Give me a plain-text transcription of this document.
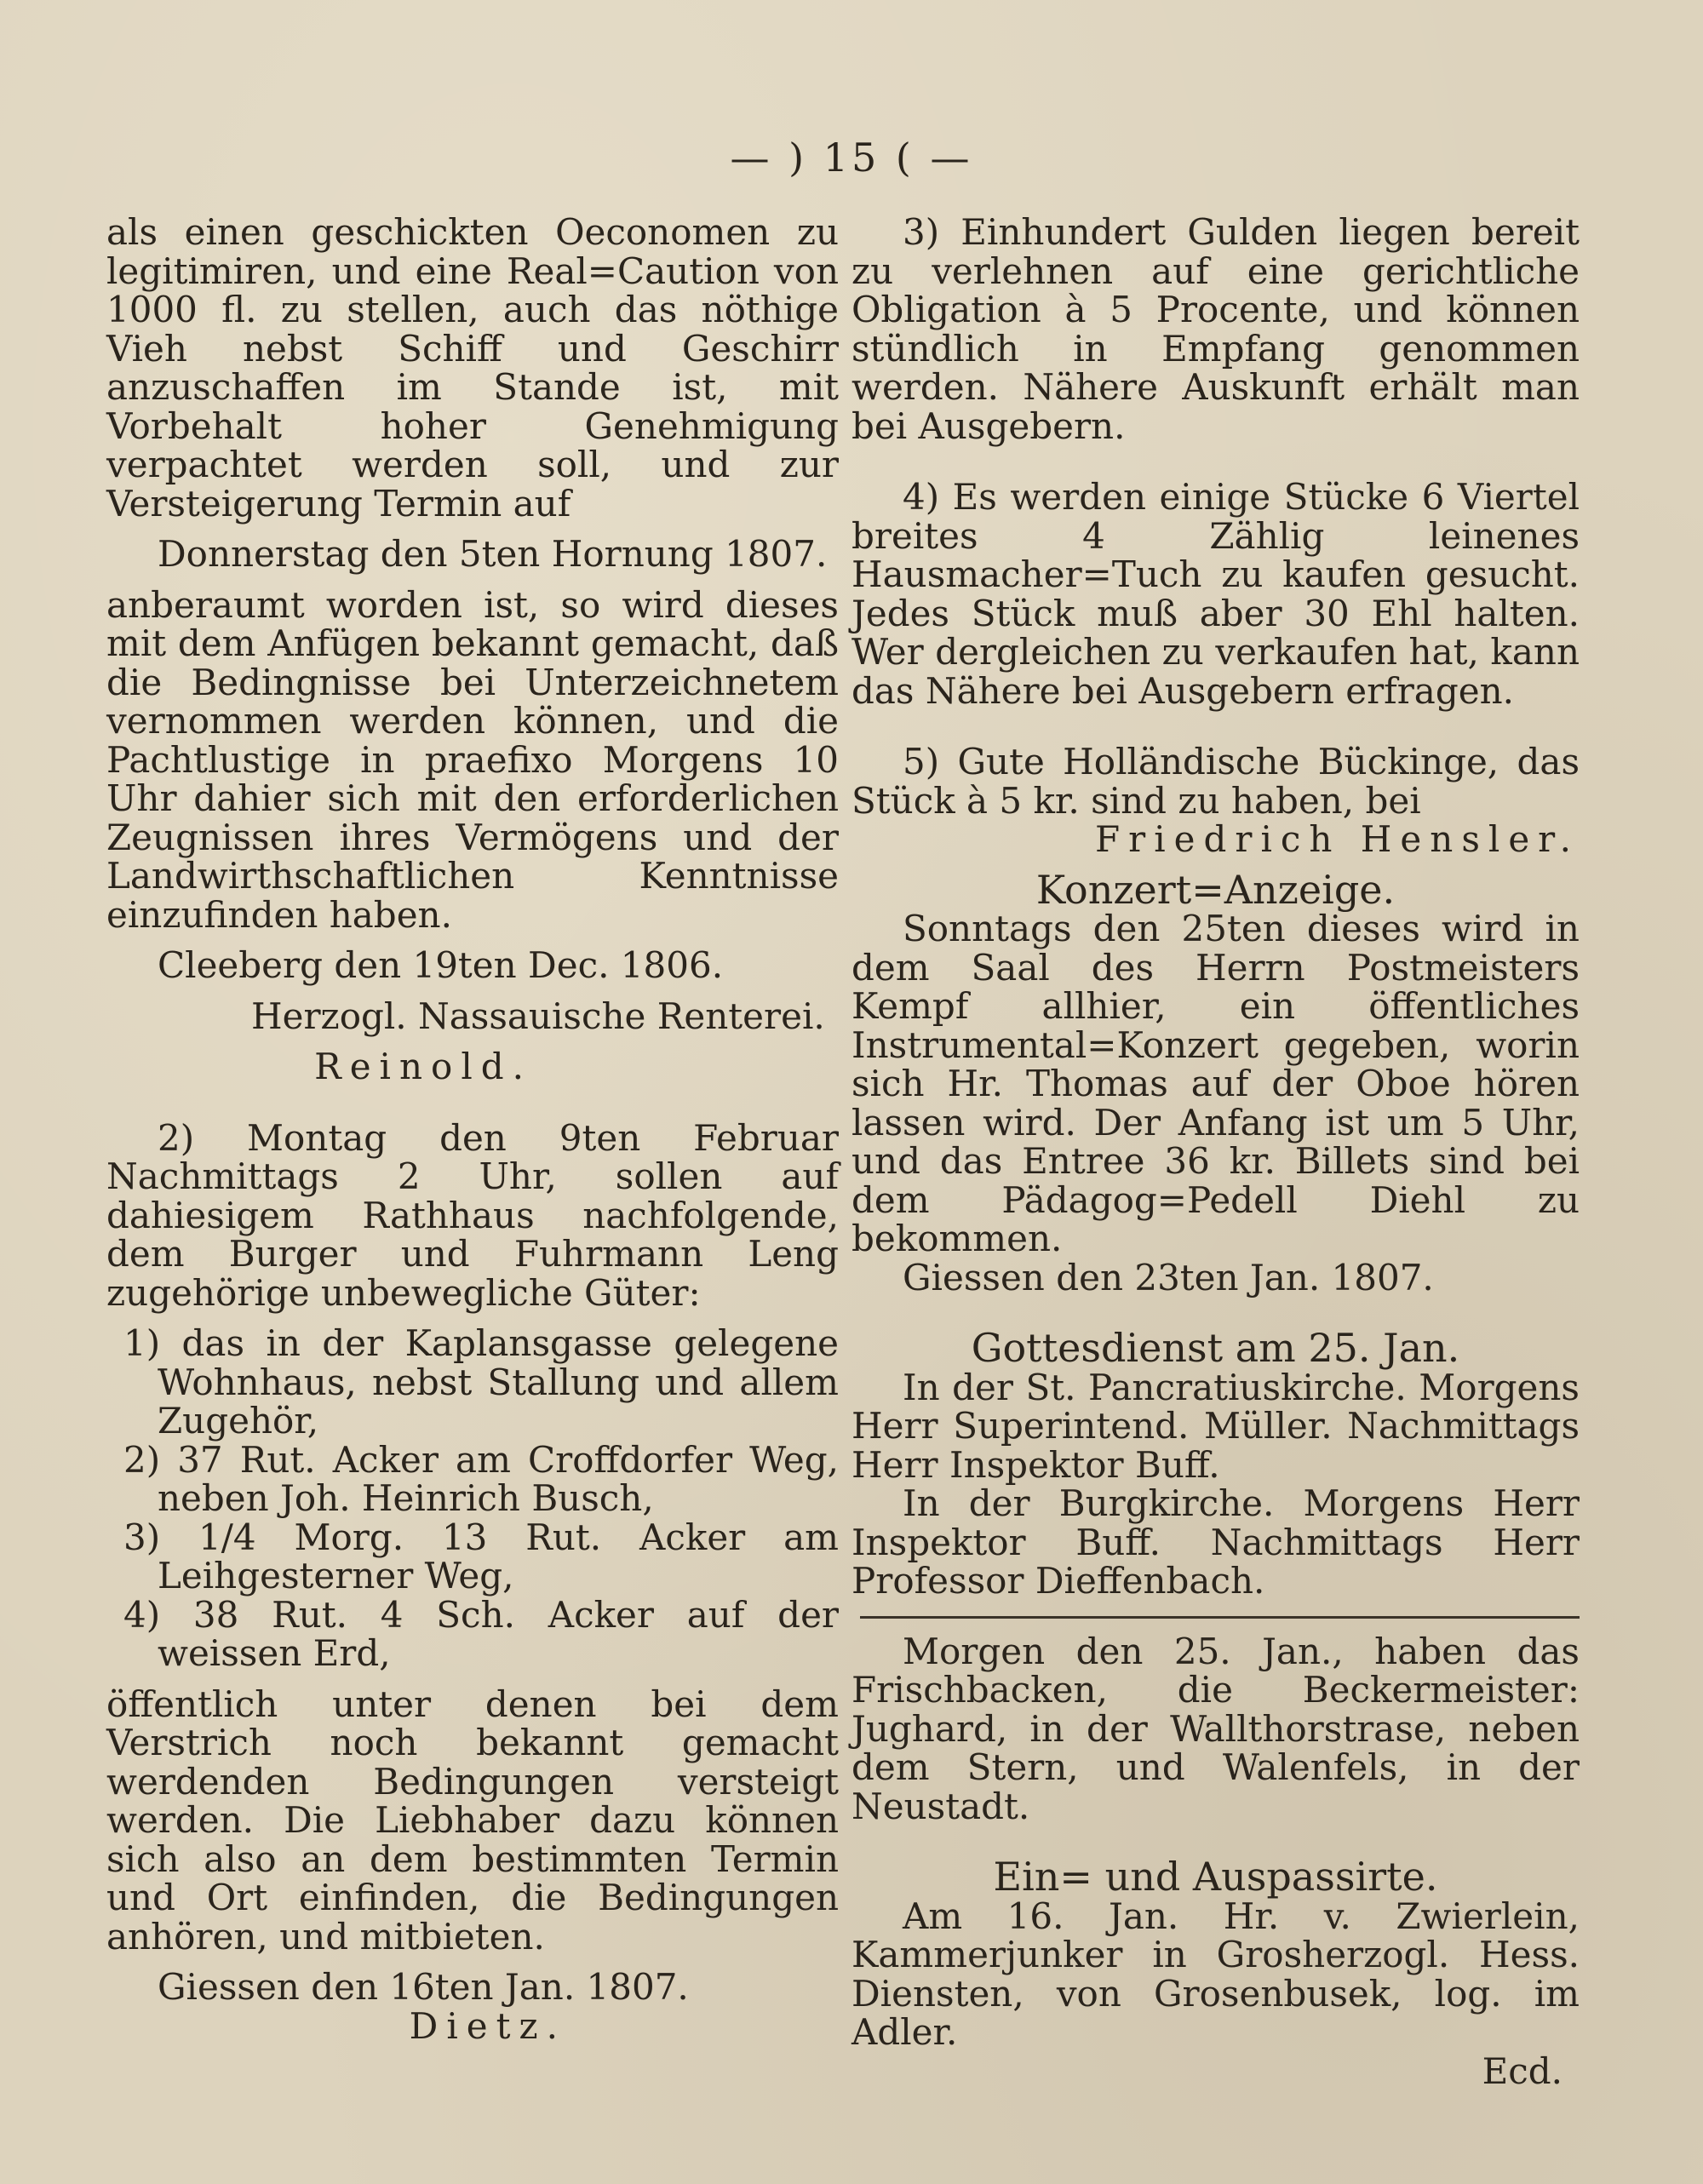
— ) 15 ( —

als einen geschickten Oeconomen zu legitimiren, und eine Real=Caution von 1000 fl. zu stellen, auch das nöthige Vieh nebst Schiff und Geschirr anzuschaffen im Stande ist, mit Vorbehalt hoher Genehmigung verpachtet werden soll, und zur Versteigerung Termin auf

Donnerstag den 5ten Hornung 1807.

anberaumt worden ist, so wird dieses mit dem Anfügen bekannt gemacht, daß die Bedingnisse bei Unterzeichnetem vernommen werden können, und die Pachtlustige in praefixo Morgens 10 Uhr dahier sich mit den erforderlichen Zeugnissen ihres Vermögens und der Landwirthschaftlichen Kenntnisse einzufinden haben.

Cleeberg den 19ten Dec. 1806.

Herzogl. Nassauische Renterei.

Reinold.

2) Montag den 9ten Februar Nachmittags 2 Uhr, sollen auf dahiesigem Rathhaus nachfolgende, dem Burger und Fuhrmann Leng zugehörige unbewegliche Güter:

1) das in der Kaplansgasse gelegene Wohnhaus, nebst Stallung und allem Zugehör,

2) 37 Rut. Acker am Croffdorfer Weg, neben Joh. Heinrich Busch,

3) 1/4 Morg. 13 Rut. Acker am Leihgesterner Weg,

4) 38 Rut. 4 Sch. Acker auf der weissen Erd,

öffentlich unter denen bei dem Verstrich noch bekannt gemacht werdenden Bedingungen versteigt werden. Die Liebhaber dazu können sich also an dem bestimmten Termin und Ort einfinden, die Bedingungen anhören, und mitbieten.

Giessen den 16ten Jan. 1807.

Dietz.

3) Einhundert Gulden liegen bereit zu verlehnen auf eine gerichtliche Obligation à 5 Procente, und können stündlich in Empfang genommen werden. Nähere Auskunft erhält man bei Ausgebern.

4) Es werden einige Stücke 6 Viertel breites 4 Zählig leinenes Hausmacher=Tuch zu kaufen gesucht. Jedes Stück muß aber 30 Ehl halten. Wer dergleichen zu verkaufen hat, kann das Nähere bei Ausgebern erfragen.

5) Gute Holländische Bückinge, das Stück à 5 kr. sind zu haben, bei

Friedrich Hensler.

Konzert=Anzeige.

Sonntags den 25ten dieses wird in dem Saal des Herrn Postmeisters Kempf allhier, ein öffentliches Instrumental=Konzert gegeben, worin sich Hr. Thomas auf der Oboe hören lassen wird. Der Anfang ist um 5 Uhr, und das Entree 36 kr. Billets sind bei dem Pädagog=Pedell Diehl zu bekommen.

Giessen den 23ten Jan. 1807.

Gottesdienst am 25. Jan.

In der St. Pancratiuskirche. Morgens Herr Superintend. Müller. Nachmittags Herr Inspektor Buff.

In der Burgkirche. Morgens Herr Inspektor Buff. Nachmittags Herr Professor Dieffenbach.

Morgen den 25. Jan., haben das Frischbacken, die Beckermeister: Jughard, in der Wallthorstrase, neben dem Stern, und Walenfels, in der Neustadt.

Ein= und Auspassirte.

Am 16. Jan. Hr. v. Zwierlein, Kammerjunker in Grosherzogl. Hess. Diensten, von Grosenbusek, log. im Adler.

Ecd.
